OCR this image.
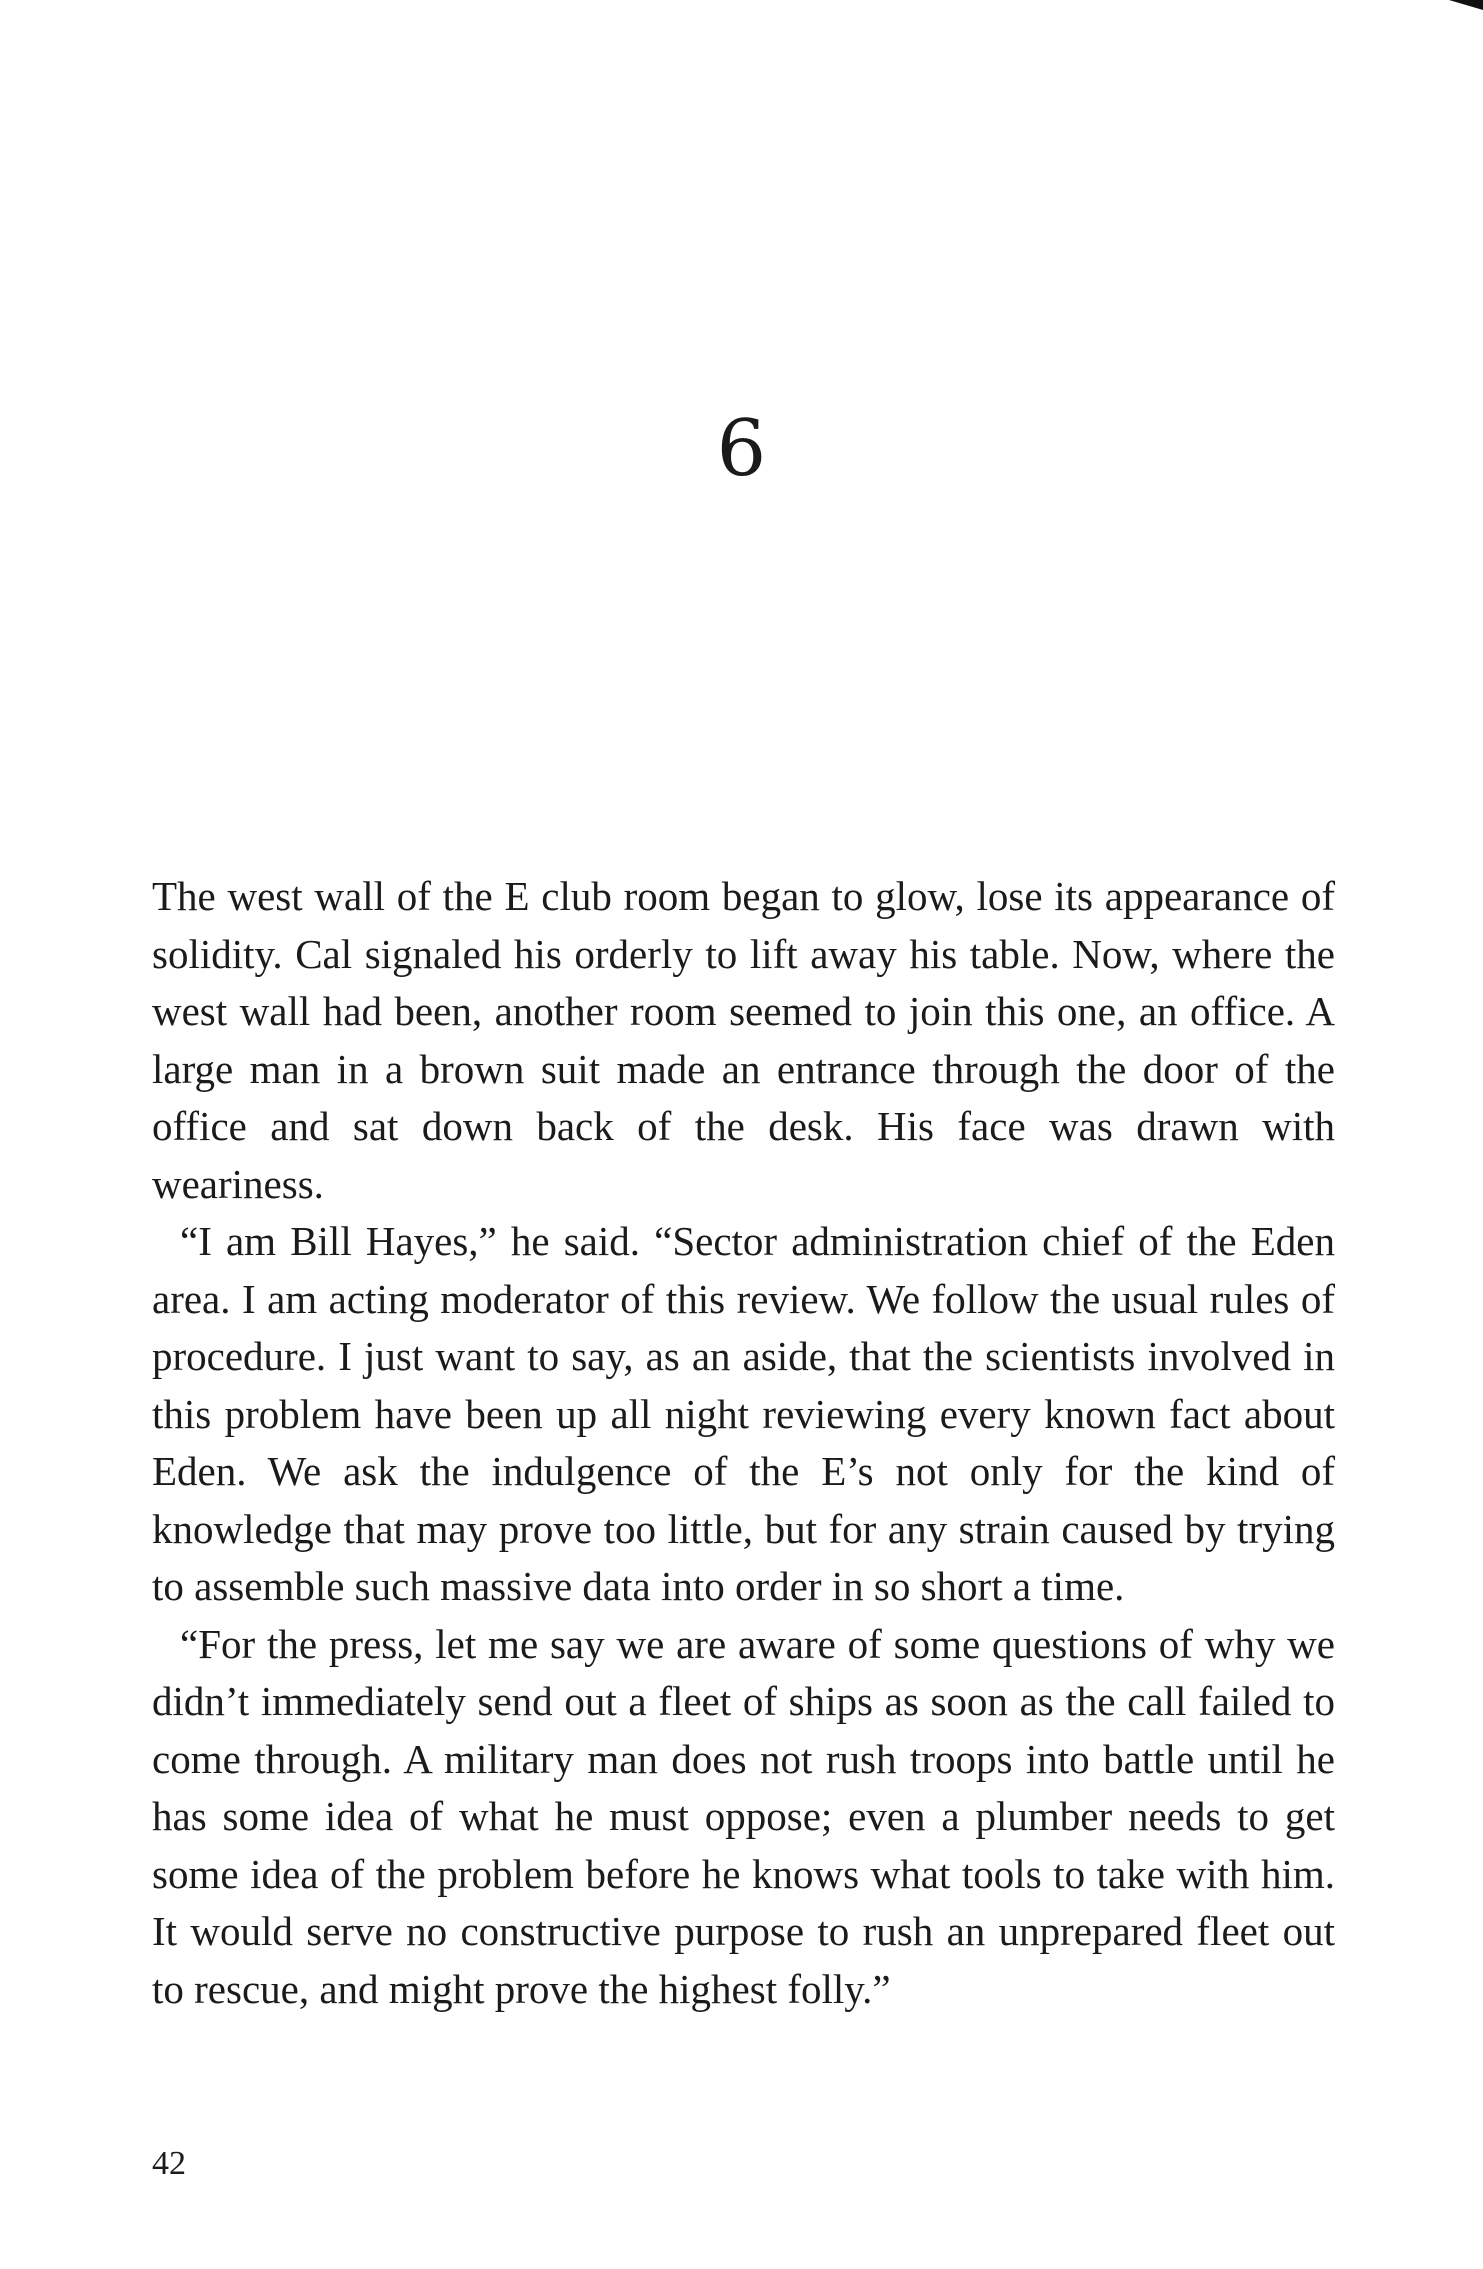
6

The west wall of the E club room began to glow, lose its appearance of solidity. Cal signaled his orderly to lift away his table. Now, where the west wall had been, another room seemed to join this one, an office. A large man in a brown suit made an entrance through the door of the office and sat down back of the desk. His face was drawn with weariness.

“I am Bill Hayes,” he said. “Sector administration chief of the Eden area. I am acting moderator of this review. We follow the usual rules of procedure. I just want to say, as an aside, that the scientists involved in this problem have been up all night reviewing every known fact about Eden. We ask the indulgence of the E’s not only for the kind of knowledge that may prove too little, but for any strain caused by trying to assemble such massive data into order in so short a time.

“For the press, let me say we are aware of some questions of why we didn’t immediately send out a fleet of ships as soon as the call failed to come through. A military man does not rush troops into battle until he has some idea of what he must oppose; even a plumber needs to get some idea of the problem before he knows what tools to take with him. It would serve no constructive purpose to rush an unprepared fleet out to rescue, and might prove the highest folly.”

42
